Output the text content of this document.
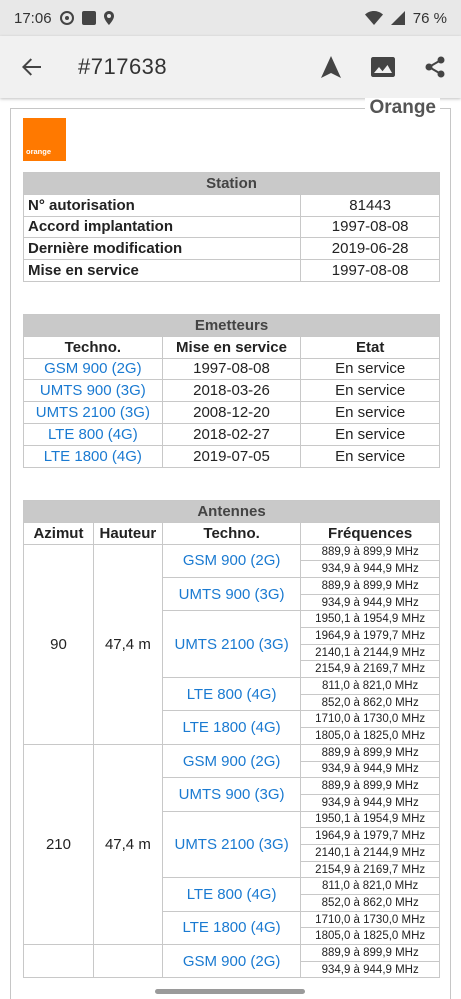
17:06	76 %
#717638
Orange
orange
Station	
N° autorisation	81443
Accord implantation	1997-08-08
Dernière modification	2019-06-28
Mise en service	1997-08-08
Emetteurs		
Techno.	Mise en service	Etat
GSM 900 (2G)	1997-08-08	En service
UMTS 900 (3G)	2018-03-26	En service
UMTS 2100 (3G)	2008-12-20	En service
LTE 800 (4G)	2018-02-27	En service
LTE 1800 (4G)	2019-07-05	En service
Antennes			
Azimut	Hauteur	Techno.	Fréquences
90	47,4 m	GSM 900 (2G)	889,9 à 899,9 MHz
			934,9 à 944,9 MHz
		UMTS 900 (3G)	889,9 à 899,9 MHz
			934,9 à 944,9 MHz
		UMTS 2100 (3G)	1950,1 à 1954,9 MHz
			1964,9 à 1979,7 MHz
			2140,1 à 2144,9 MHz
			2154,9 à 2169,7 MHz
		LTE 800 (4G)	811,0 à 821,0 MHz
			852,0 à 862,0 MHz
		LTE 1800 (4G)	1710,0 à 1730,0 MHz
			1805,0 à 1825,0 MHz
210	47,4 m	GSM 900 (2G)	889,9 à 899,9 MHz
			934,9 à 944,9 MHz
		UMTS 900 (3G)	889,9 à 899,9 MHz
			934,9 à 944,9 MHz
		UMTS 2100 (3G)	1950,1 à 1954,9 MHz
			1964,9 à 1979,7 MHz
			2140,1 à 2144,9 MHz
			2154,9 à 2169,7 MHz
		LTE 800 (4G)	811,0 à 821,0 MHz
			852,0 à 862,0 MHz
		LTE 1800 (4G)	1710,0 à 1730,0 MHz
			1805,0 à 1825,0 MHz
		GSM 900 (2G)	889,9 à 899,9 MHz
			934,9 à 944,9 MHz
